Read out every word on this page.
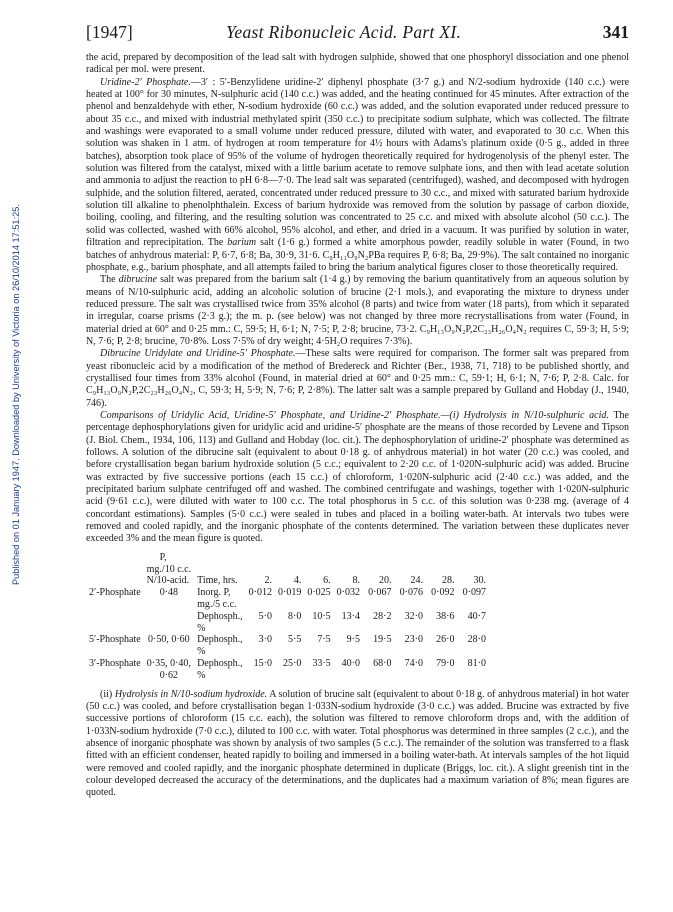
Published on 01 January 1947. Downloaded by University of Victoria on 26/10/2014 17:51:25.
[1947]	Yeast Ribonucleic Acid. Part XI.	341

the acid, prepared by decomposition of the lead salt with hydrogen sulphide, showed that one phosphoryl dissociation and one phenol radical per mol. were present.

Uridine-2′ Phosphate.—3′ : 5′-Benzylidene uridine-2′ diphenyl phosphate (3·7 g.) and N/2-sodium hydroxide (140 c.c.) were heated at 100° for 30 minutes, N-sulphuric acid (140 c.c.) was added, and the heating continued for 45 minutes. After extraction of the phenol and benzaldehyde with ether, N-sodium hydroxide (60 c.c.) was added, and the solution evaporated under reduced pressure to about 35 c.c., and mixed with industrial methylated spirit (350 c.c.) to precipitate sodium sulphate, which was collected. The filtrate and washings were evaporated to a small volume under reduced pressure, diluted with water, and evaporated to 30 c.c. When this solution was shaken in 1 atm. of hydrogen at room temperature for 4½ hours with Adams's platinum oxide (0·5 g., added in three batches), absorption took place of 95% of the volume of hydrogen theoretically required for hydrogenolysis of the phenyl ester. The solution was filtered from the catalyst, mixed with a little barium acetate to remove sulphate ions, and then with lead acetate solution and ammonia to adjust the reaction to pH 6·8—7·0. The lead salt was separated (centrifuged), washed, and decomposed with hydrogen sulphide, and the solution filtered, aerated, concentrated under reduced pressure to 30 c.c., and mixed with saturated barium hydroxide solution till alkaline to phenolphthalein. Excess of barium hydroxide was removed from the solution by passage of carbon dioxide, boiling, cooling, and filtering, and the resulting solution was concentrated to 25 c.c. and mixed with absolute alcohol (50 c.c.). The solid was collected, washed with 66% alcohol, 95% alcohol, and ether, and dried in a vacuum. It was purified by solution in water, filtration and reprecipitation. The barium salt (1·6 g.) formed a white amorphous powder, readily soluble in water (Found, in two batches of anhydrous material: P, 6·7, 6·8; Ba, 30·9, 31·6. C₉H₁₁O₉N₂PBa requires P, 6·8; Ba, 29·9%). The salt contained no inorganic phosphate, e.g., barium phosphate, and all attempts failed to bring the barium analytical figures closer to those theoretically required.

The dibrucine salt was prepared from the barium salt (1·4 g.) by removing the barium quantitatively from an aqueous solution by means of N/10-sulphuric acid, adding an alcoholic solution of brucine (2·1 mols.), and evaporating the mixture to dryness under reduced pressure. The salt was crystallised twice from 35% alcohol (8 parts) and twice from water (18 parts), from which it separated in irregular, coarse prisms (2·3 g.); the m. p. (see below) was not changed by three more recrystallisations from water (Found, in material dried at 60° and 0·25 mm.: C, 59·5; H, 6·1; N, 7·5; P, 2·8; brucine, 73·2. C₉H₁₃O₉N₂P,2C₂₃H₂₆O₄N₂ requires C, 59·3; H, 5·9; N, 7·6; P, 2·8; brucine, 70·8%. Loss 7·5% of dry weight; 4·5H₂O requires 7·3%).

Dibrucine Uridylate and Uridine-5′ Phosphate.—These salts were required for comparison. The former salt was prepared from yeast ribonucleic acid by a modification of the method of Bredereck and Richter (Ber., 1938, 71, 718) to be published shortly, and crystallised four times from 33% alcohol (Found, in material dried at 60° and 0·25 mm.: C, 59·1; H, 6·1; N, 7·6; P, 2·8. Calc. for C₉H₁₃O₉N₂P,2C₂₃H₂₆O₄N₂, C, 59·3; H, 5·9; N, 7·6; P, 2·8%). The latter salt was a sample prepared by Gulland and Hobday (J., 1940, 746).

Comparisons of Uridylic Acid, Uridine-5′ Phosphate, and Uridine-2′ Phosphate.—(i) Hydrolysis in N/10-sulphuric acid. The percentage dephosphorylations given for uridylic acid and uridine-5′ phosphate are the means of those recorded by Levene and Tipson (J. Biol. Chem., 1934, 106, 113) and Gulland and Hobday (loc. cit.). The dephosphorylation of uridine-2′ phosphate was determined as follows. A solution of the dibrucine salt (equivalent to about 0·18 g. of anhydrous material) in hot water (20 c.c.) was cooled, and before crystallisation began barium hydroxide solution (5 c.c.; equivalent to 2·20 c.c. of 1·020N-sulphuric acid) was added. Brucine was extracted by five successive portions (each 15 c.c.) of chloroform, 1·020N-sulphuric acid (2·40 c.c.) was added, and the precipitated barium sulphate centrifuged off and washed. The combined centrifugate and washings, together with 1·020N-sulphuric acid (9·61 c.c.), were diluted with water to 100 c.c. The total phosphorus in 5 c.c. of this solution was 0·238 mg. (average of 4 concordant estimations). Samples (5·0 c.c.) were sealed in tubes and placed in a boiling water-bath. At intervals two tubes were removed and cooled rapidly, and the inorganic phosphate of the contents determined. The variation between these duplicates never exceeded 3% and the mean figure is quoted.

	P,									
	mg./10 c.c.									
	N/10-acid.	Time, hrs.	2.	4.	6.	8.	20.	24.	28.	30.
2′-Phosphate	0·48	Inorg. P,	0·012	0·019	0·025	0·032	0·067	0·076	0·092	0·097
		mg./5 c.c.								
		Dephosph.,	5·0	8·0	10·5	13·4	28·2	32·0	38·6	40·7
		%								
5′-Phosphate	0·50, 0·60	Dephosph.,	3·0	5·5	7·5	9·5	19·5	23·0	26·0	28·0
		%								
3′-Phosphate	0·35, 0·40,	Dephosph.,	15·0	25·0	33·5	40·0	68·0	74·0	79·0	81·0
	0·62	%								

(ii) Hydrolysis in N/10-sodium hydroxide. A solution of brucine salt (equivalent to about 0·18 g. of anhydrous material) in hot water (50 c.c.) was cooled, and before crystallisation began 1·033N-sodium hydroxide (3·0 c.c.) was added. Brucine was extracted by five successive portions of chloroform (15 c.c. each), the solution was filtered to remove chloroform drops and, with the addition of 1·033N-sodium hydroxide (7·0 c.c.), diluted to 100 c.c. with water. Total phosphorus was determined in three samples (2 c.c.), and the absence of inorganic phosphate was shown by analysis of two samples (5 c.c.). The remainder of the solution was transferred to a flask fitted with an efficient condenser, heated rapidly to boiling and immersed in a boiling water-bath. At intervals samples of the hot liquid were removed and cooled rapidly, and the inorganic phosphate determined in duplicate (Briggs, loc. cit.). A slight greenish tint in the colour developed decreased the accuracy of the determinations, and the duplicates had a maximum variation of 8%; mean figures are quoted.
